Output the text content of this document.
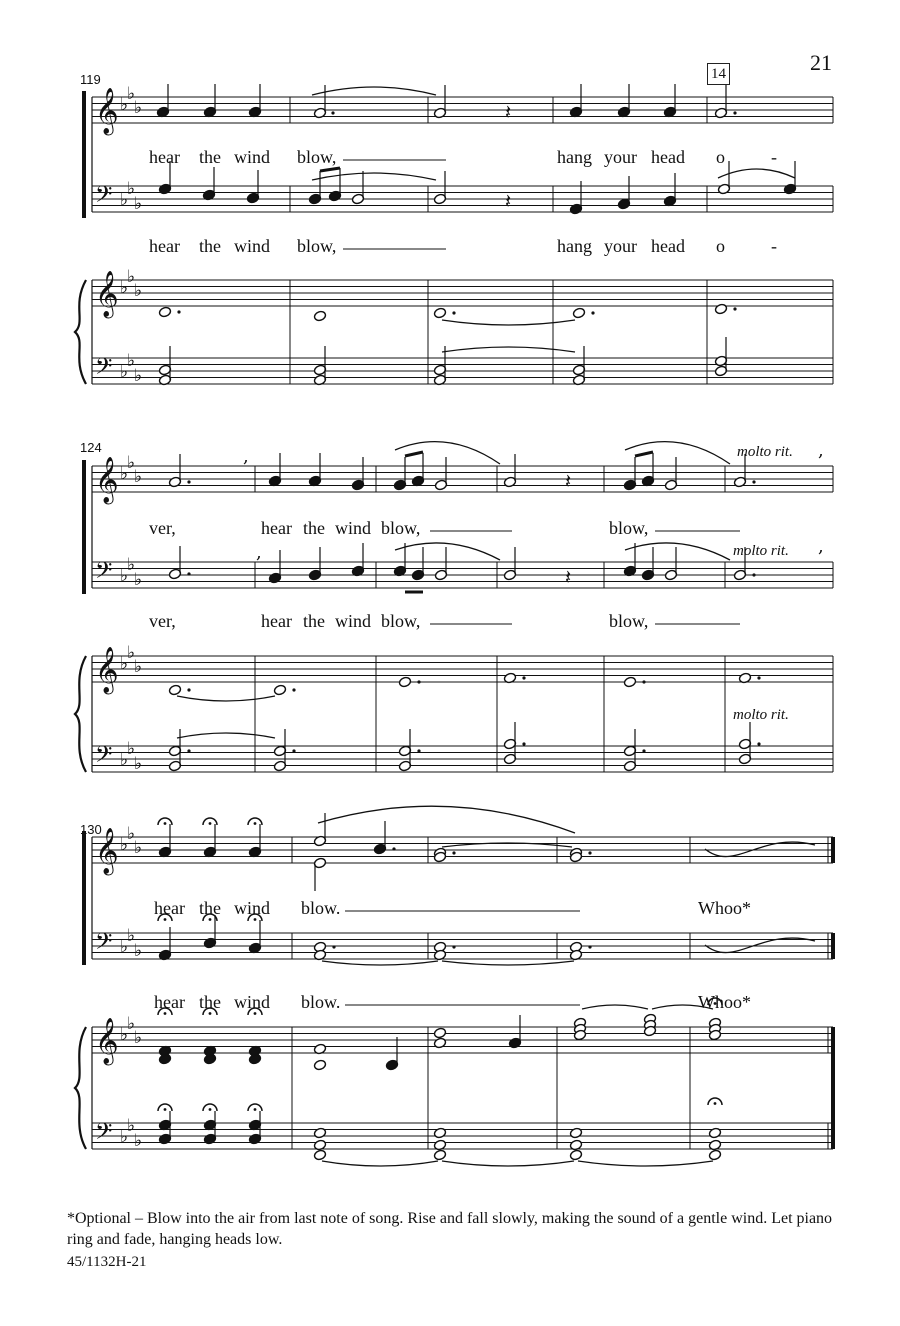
𝄞 ♭
♭
♭
𝄢 ♭
♭
♭
𝄞 ♭
♭
♭
𝄢 ♭
♭
♭
𝄞 ♭
♭
♭
𝄢 ♭
♭
♭
𝄞 ♭
♭
♭
𝄢 ♭
♭
♭
𝄞 ♭
♭
♭
𝄢 ♭
♭
♭
𝄞 ♭
♭
♭
𝄢 ♭
♭
♭
𝄽
𝄽
,
𝄽
,
,
𝄽
,
21
14
119
hear the wind blow,	hang your head o	-
hear the wind blow,	hang your head o	-
124	molto rit.
molto rit.
molto rit.
ver,	hear the wind blow,	blow,
ver,	hear the wind blow,	blow,
130
hear the wind blow.	Whoo*
hear the wind blow.	Whoo*
*Optional – Blow into the air from last note of song. Rise and fall slowly, making the sound of a gentle wind. Let piano ring and fade, hanging heads low.
45/1132H-21
